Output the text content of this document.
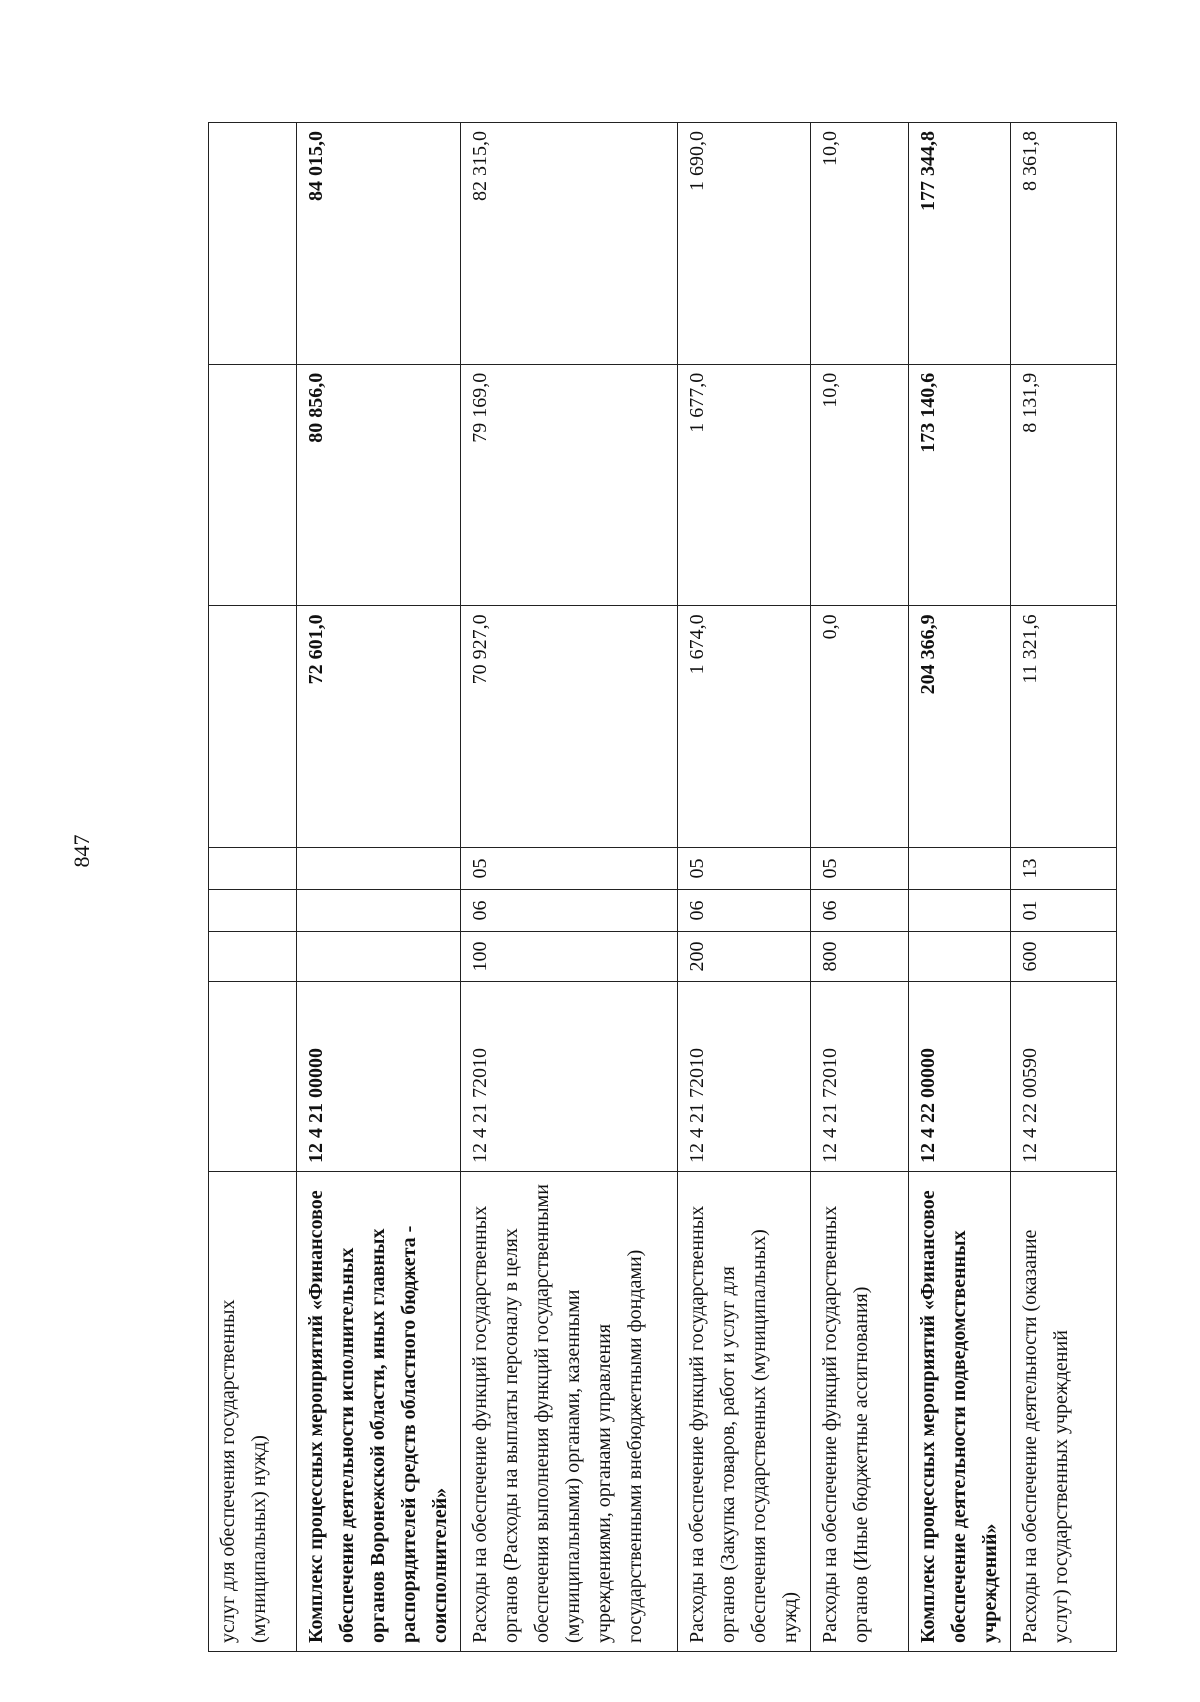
847
услуг для обеспечения государственных (муниципальных) нужд)							
Комплекс процессных мероприятий «Финансовое обеспечение деятельности исполнительных органов Воронежской области, иных главных распорядителей средств областного бюджета - соисполнителей»	12 4 21 00000				72 601,0	80 856,0	84 015,0
Расходы на обеспечение функций государственных органов (Расходы на выплаты персоналу в целях обеспечения выполнения функций государственными (муниципальными) органами, казенными учреждениями, органами управления государственными внебюджетными фондами)	12 4 21 72010	100	06	05	70 927,0	79 169,0	82 315,0
Расходы на обеспечение функций государственных органов (Закупка товаров, работ и услуг для обеспечения государственных (муниципальных) нужд)	12 4 21 72010	200	06	05	1 674,0	1 677,0	1 690,0
Расходы на обеспечение функций государственных органов (Иные бюджетные ассигнования)	12 4 21 72010	800	06	05	0,0	10,0	10,0
Комплекс процессных мероприятий «Финансовое обеспечение деятельности подведомственных учреждений»	12 4 22 00000				204 366,9	173 140,6	177 344,8
Расходы на обеспечение деятельности (оказание услуг) государственных учреждений	12 4 22 00590	600	01	13	11 321,6	8 131,9	8 361,8
